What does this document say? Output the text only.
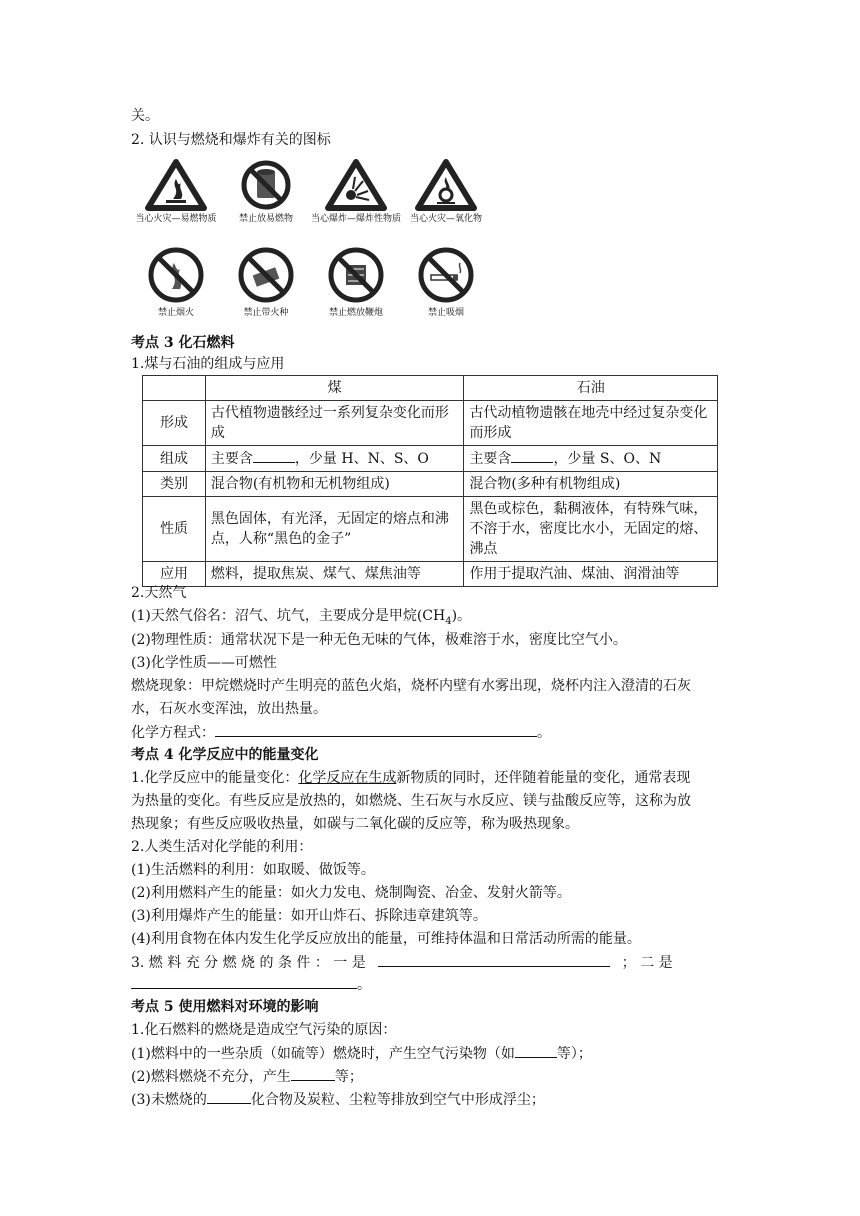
关。
2. 认识与燃烧和爆炸有关的图标
当心火灾—易燃物质	禁止放易燃物	当心爆炸—爆炸性物质 当心火灾—氧化物
禁止烟火	禁止带火种	禁止燃放鞭炮	禁止吸烟
考点 3 化石燃料
1.煤与石油的组成与应用
	煤	石油
形成	古代植物遗骸经过一系列复杂变化而形成	古代动植物遗骸在地壳中经过复杂变化而形成
组成	主要含 ，少量 H、N、S、O	主要含 ，少量 S、O、N
类别	混合物(有机物和无机物组成)	混合物(多种有机物组成)
性质	黑色固体，有光泽，无固定的熔点和沸点，人称“黑色的金子”	黑色或棕色，黏稠液体，有特殊气味，不溶于水，密度比水小，无固定的熔、沸点
应用	燃料，提取焦炭、煤气、煤焦油等	作用于提取汽油、煤油、润滑油等
2.天然气
(1)天然气俗名：沼气、坑气，主要成分是甲烷$(CH_4)$。
(2)物理性质：通常状况下是一种无色无味的气体，极难溶于水，密度比空气小。
(3)化学性质——可燃性
燃烧现象：甲烷燃烧时产生明亮的蓝色火焰，烧杯内壁有水雾出现，烧杯内注入澄清的石灰
水，石灰水变浑浊，放出热量。
化学方程式：	。
考点 4 化学反应中的能量变化
1.化学反应中的能量变化：化学反应在生成新物质的同时，还伴随着能量的变化，通常表现
为热量的变化。有些反应是放热的，如燃烧、生石灰与水反应、镁与盐酸反应等，这称为放
热现象；有些反应吸收热量，如碳与二氧化碳的反应等，称为吸热现象。
2.人类生活对化学能的利用：
(1)生活燃料的利用：如取暖、做饭等。
(2)利用燃料产生的能量：如火力发电、烧制陶瓷、冶金、发射火箭等。
(3)利用爆炸产生的能量：如开山炸石、拆除违章建筑等。
(4)利用食物在体内发生化学反应放出的能量，可维持体温和日常活动所需的能量。
3. 燃 料 充 分 燃 烧 的 条 件 ： 一 是	； 二 是
。
考点 5 使用燃料对环境的影响
1.化石燃料的燃烧是造成空气污染的原因：
(1)燃料中的一些杂质（如硫等）燃烧时，产生空气污染物（如	等）；
(2)燃料燃烧不充分，产生	等；
(3)未燃烧的	化合物及炭粒、尘粒等排放到空气中形成浮尘；
